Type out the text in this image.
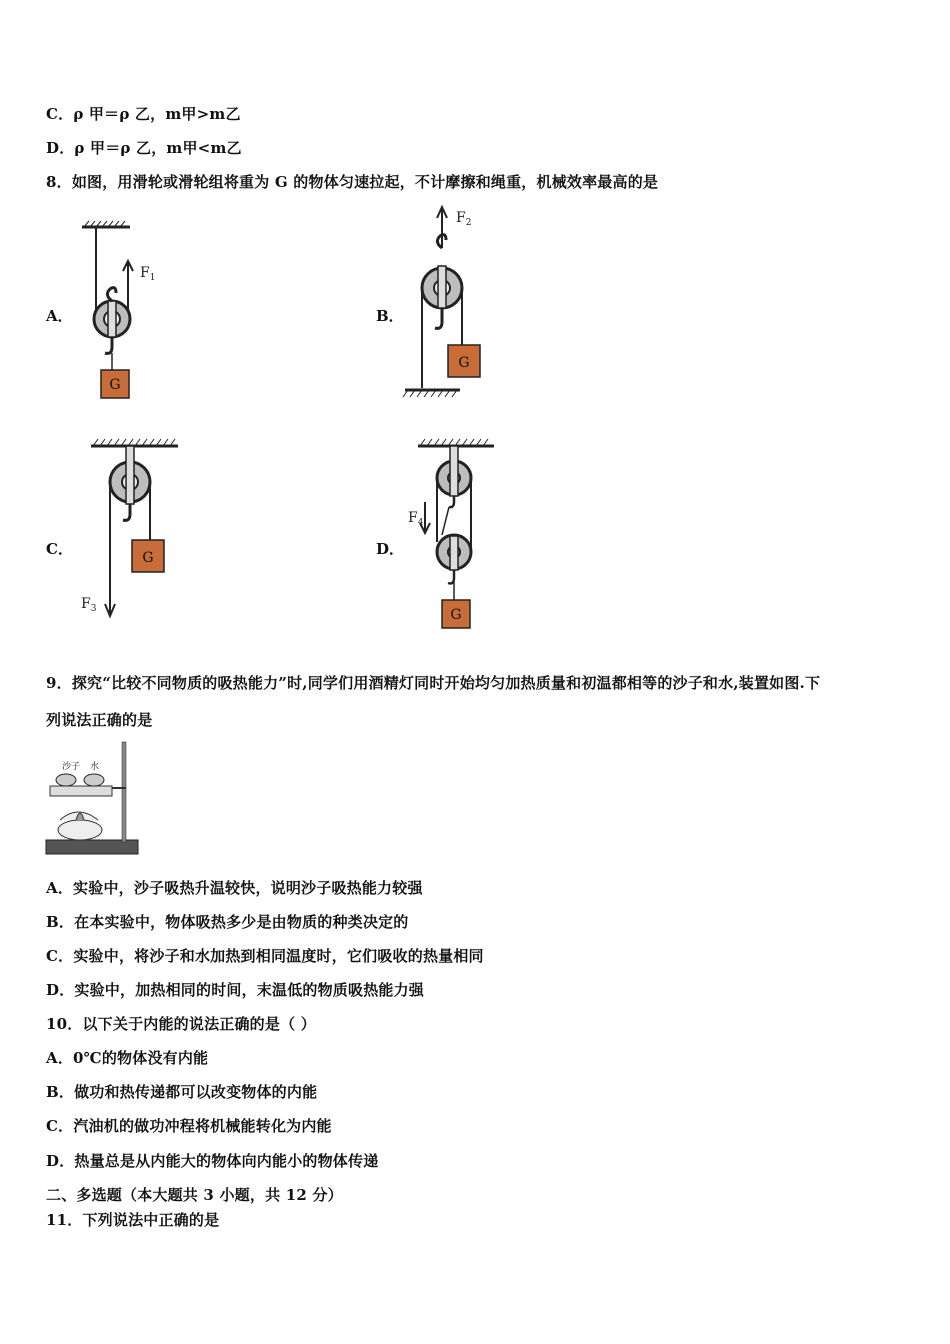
C．ρ 甲＝ρ 乙，m甲>m乙
D．ρ 甲＝ρ 乙，m甲<m乙
8．如图，用滑轮或滑轮组将重为 G 的物体匀速拉起，不计摩擦和绳重，机械效率最高的是
A．	B．
C．	D．
$F_1$
G
$F_2$
G
$F_3$
G
$F_4$
G
9．探究“比较不同物质的吸热能力”时,同学们用酒精灯同时开始均匀加热质量和初温都相等的沙子和水,装置如图.下
列说法正确的是
沙子 水
A．实验中，沙子吸热升温较快，说明沙子吸热能力较强
B．在本实验中，物体吸热多少是由物质的种类决定的
C．实验中，将沙子和水加热到相同温度时，它们吸收的热量相同
D．实验中，加热相同的时间，末温低的物质吸热能力强
10．以下关于内能的说法正确的是（ ）
A．0℃的物体没有内能
B．做功和热传递都可以改变物体的内能
C．汽油机的做功冲程将机械能转化为内能
D．热量总是从内能大的物体向内能小的物体传递
二、多选题（本大题共 3 小题，共 12 分）
11．下列说法中正确的是
